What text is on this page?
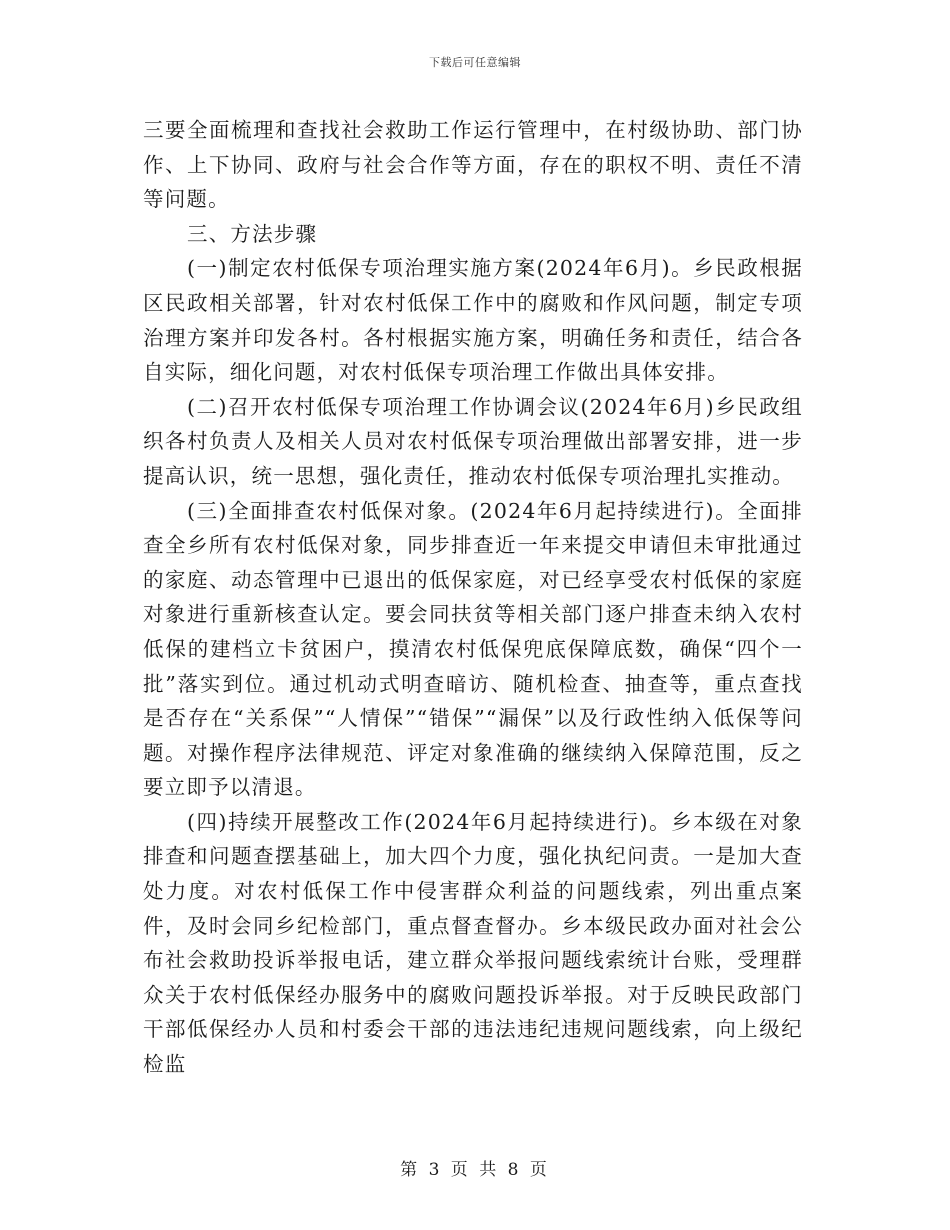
下载后可任意编辑

三要全面梳理和查找社会救助工作运行管理中，在村级协助、部门协作、上下协同、政府与社会合作等方面，存在的职权不明、责任不清等问题。

三、方法步骤

(一)制定农村低保专项治理实施方案(2024年6月)。乡民政根据区民政相关部署，针对农村低保工作中的腐败和作风问题，制定专项治理方案并印发各村。各村根据实施方案，明确任务和责任，结合各自实际，细化问题，对农村低保专项治理工作做出具体安排。

(二)召开农村低保专项治理工作协调会议(2024年6月)乡民政组织各村负责人及相关人员对农村低保专项治理做出部署安排，进一步提高认识，统一思想，强化责任，推动农村低保专项治理扎实推动。

(三)全面排查农村低保对象。(2024年6月起持续进行)。全面排查全乡所有农村低保对象，同步排查近一年来提交申请但未审批通过的家庭、动态管理中已退出的低保家庭，对已经享受农村低保的家庭对象进行重新核查认定。要会同扶贫等相关部门逐户排查未纳入农村低保的建档立卡贫困户，摸清农村低保兜底保障底数，确保“四个一批”落实到位。通过机动式明查暗访、随机检查、抽查等，重点查找是否存在“关系保”“人情保”“错保”“漏保”以及行政性纳入低保等问题。对操作程序法律规范、评定对象准确的继续纳入保障范围，反之要立即予以清退。

(四)持续开展整改工作(2024年6月起持续进行)。乡本级在对象排查和问题查摆基础上，加大四个力度，强化执纪问责。一是加大查处力度。对农村低保工作中侵害群众利益的问题线索，列出重点案件，及时会同乡纪检部门，重点督查督办。乡本级民政办面对社会公布社会救助投诉举报电话，建立群众举报问题线索统计台账，受理群众关于农村低保经办服务中的腐败问题投诉举报。对于反映民政部门干部低保经办人员和村委会干部的违法违纪违规问题线索，向上级纪检监

第 3 页 共 8 页
